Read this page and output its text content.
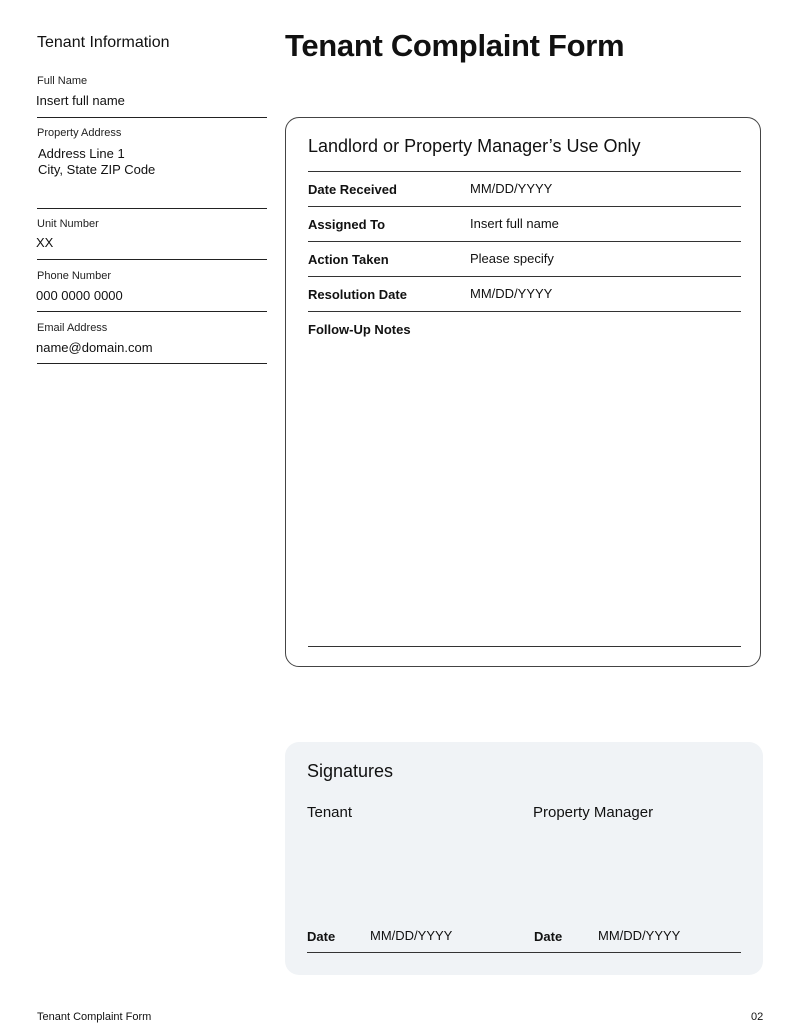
Tenant Information
Full Name
Insert full name
Property Address
Address Line 1
City, State ZIP Code
Unit Number
XX
Phone Number
000 0000 0000
Email Address
name@domain.com
Tenant Complaint Form
Landlord or Property Manager’s Use Only
Date Received	MM/DD/YYYY
Assigned To	Insert full name
Action Taken	Please specify
Resolution Date	MM/DD/YYYY
Follow-Up Notes
Signatures
Tenant	Property Manager
Date	MM/DD/YYYY	Date	MM/DD/YYYY
Tenant Complaint Form	02
